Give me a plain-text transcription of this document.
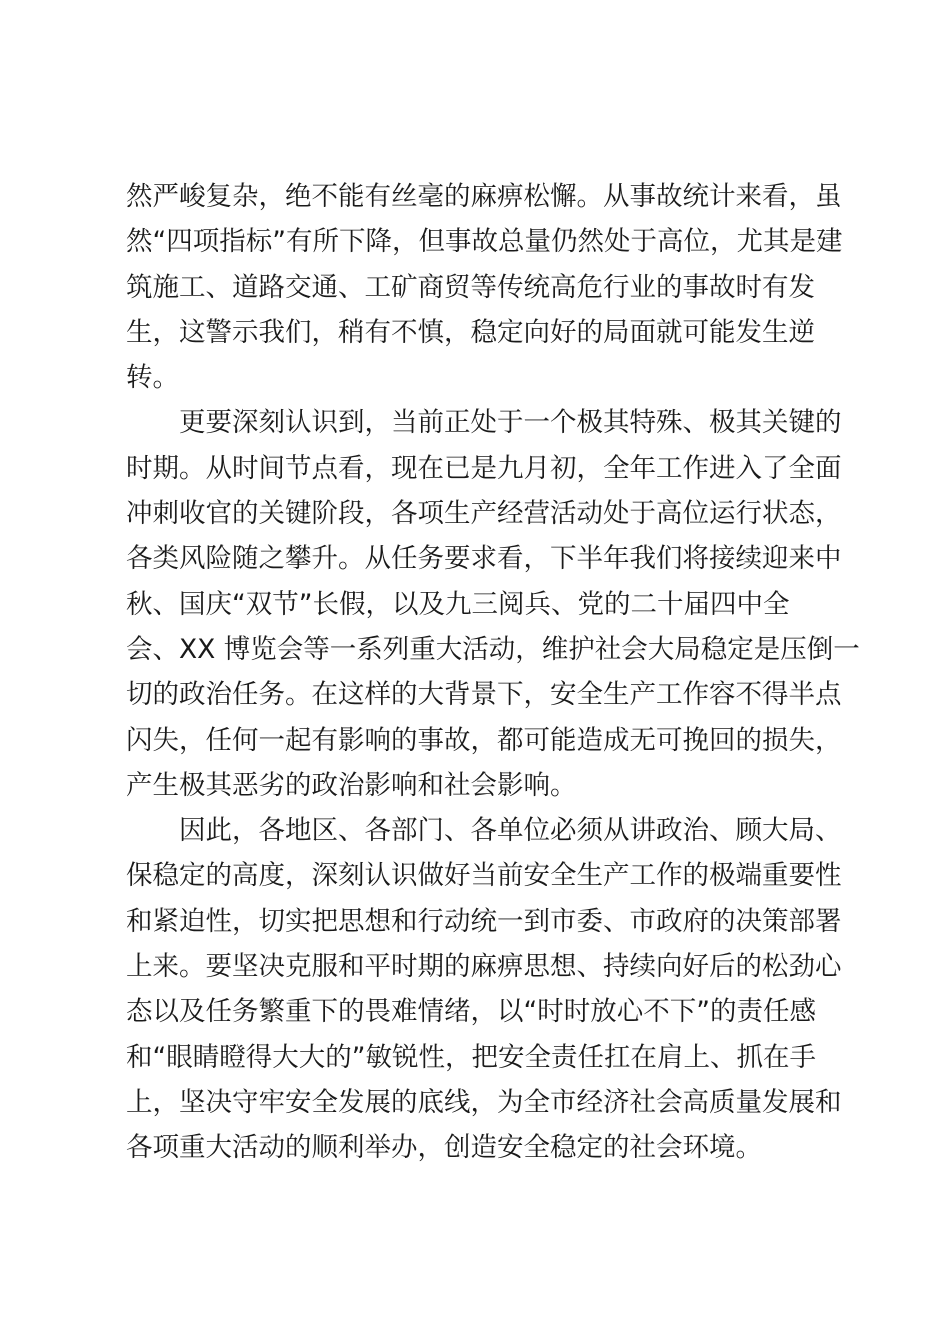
然严峻复杂，绝不能有丝毫的麻痹松懈。从事故统计来看，虽
然“四项指标”有所下降，但事故总量仍然处于高位，尤其是建
筑施工、道路交通、工矿商贸等传统高危行业的事故时有发
生，这警示我们，稍有不慎，稳定向好的局面就可能发生逆
转。
更要深刻认识到，当前正处于一个极其特殊、极其关键的
时期。从时间节点看，现在已是九月初，全年工作进入了全面
冲刺收官的关键阶段，各项生产经营活动处于高位运行状态，
各类风险随之攀升。从任务要求看，下半年我们将接续迎来中
秋、国庆“双节”长假，以及九三阅兵、党的二十届四中全
会、XX 博览会等一系列重大活动，维护社会大局稳定是压倒一
切的政治任务。在这样的大背景下，安全生产工作容不得半点
闪失，任何一起有影响的事故，都可能造成无可挽回的损失，
产生极其恶劣的政治影响和社会影响。
因此，各地区、各部门、各单位必须从讲政治、顾大局、
保稳定的高度，深刻认识做好当前安全生产工作的极端重要性
和紧迫性，切实把思想和行动统一到市委、市政府的决策部署
上来。要坚决克服和平时期的麻痹思想、持续向好后的松劲心
态以及任务繁重下的畏难情绪，以“时时放心不下”的责任感
和“眼睛瞪得大大的”敏锐性，把安全责任扛在肩上、抓在手
上，坚决守牢安全发展的底线，为全市经济社会高质量发展和
各项重大活动的顺利举办，创造安全稳定的社会环境。
